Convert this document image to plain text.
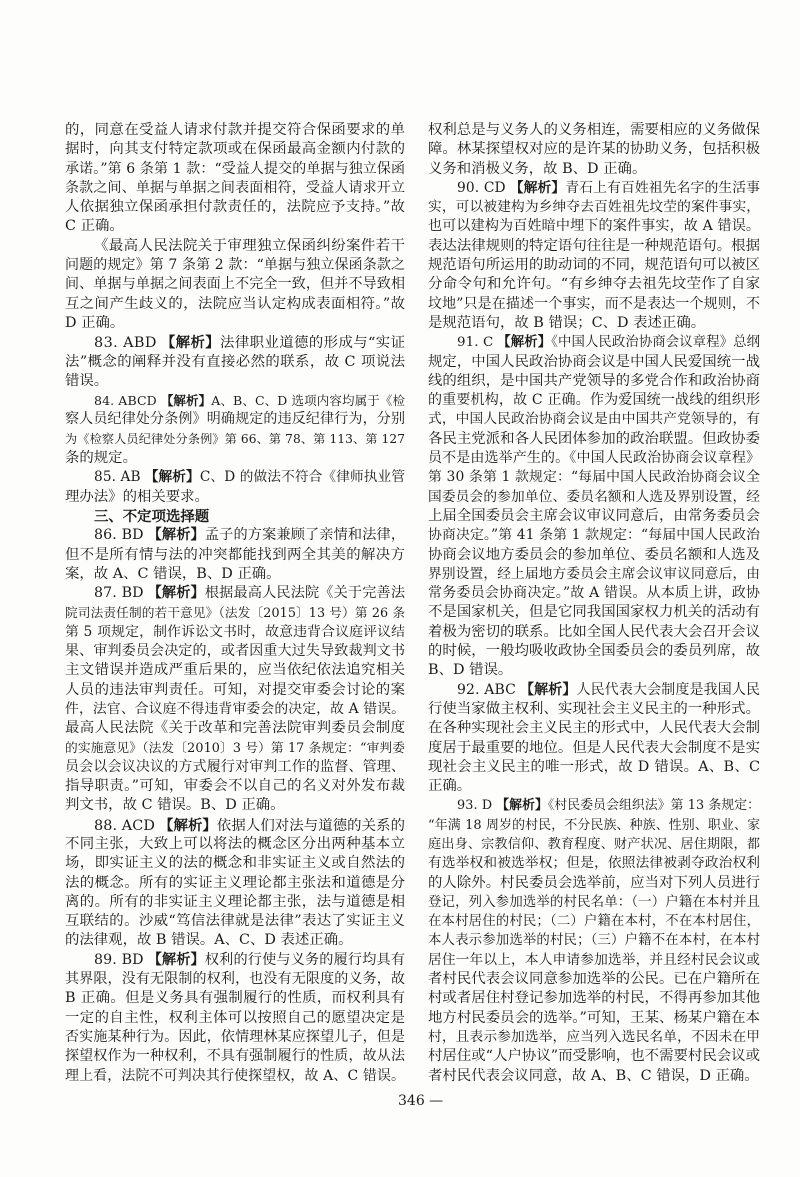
的，同意在受益人请求付款并提交符合保函要求的单
据时，向其支付特定款项或在保函最高金额内付款的
承诺。”第 6 条第 1 款：“受益人提交的单据与独立保函
条款之间、单据与单据之间表面相符，受益人请求开立
人依据独立保函承担付款责任的，法院应予支持。”故
C 正确。
《最高人民法院关于审理独立保函纠纷案件若干
问题的规定》第 7 条第 2 款：“单据与独立保函条款之
间、单据与单据之间表面上不完全一致，但并不导致相
互之间产生歧义的，法院应当认定构成表面相符。”故
D 正确。
83. ABD 【解析】法律职业道德的形成与“实证
法”概念的阐释并没有直接必然的联系，故 C 项说法
错误。
84. ABCD 【解析】A、B、C、D 选项内容均属于《检
察人员纪律处分条例》明确规定的违反纪律行为，分别
为《检察人员纪律处分条例》第 66、第 78、第 113、第 127
条的规定。
85. AB 【解析】C、D 的做法不符合《律师执业管
理办法》的相关要求。
三、不定项选择题
86. BD 【解析】孟子的方案兼顾了亲情和法律，
但不是所有情与法的冲突都能找到两全其美的解决方
案，故 A、C 错误，B、D 正确。
87. BD 【解析】根据最高人民法院《关于完善法
院司法责任制的若干意见》（法发〔2015〕13 号）第 26 条
第 5 项规定，制作诉讼文书时，故意违背合议庭评议结
果、审判委员会决定的，或者因重大过失导致裁判文书
主文错误并造成严重后果的，应当依纪依法追究相关
人员的违法审判责任。可知，对提交审委会讨论的案
件，法官、合议庭不得违背审委会的决定，故 A 错误。
最高人民法院《关于改革和完善法院审判委员会制度
的实施意见》（法发〔2010〕3 号）第 17 条规定：“审判委
员会以会议决议的方式履行对审判工作的监督、管理、
指导职责。”可知，审委会不以自己的名义对外发布裁
判文书，故 C 错误。B、D 正确。
88. ACD 【解析】依据人们对法与道德的关系的
不同主张，大致上可以将法的概念区分出两种基本立
场，即实证主义的法的概念和非实证主义或自然法的
法的概念。所有的实证主义理论都主张法和道德是分
离的。所有的非实证主义理论都主张，法与道德是相
互联结的。沙威“笃信法律就是法律”表达了实证主义
的法律观，故 B 错误。A、C、D 表述正确。
89. BD 【解析】权利的行使与义务的履行均具有
其界限，没有无限制的权利，也没有无限度的义务，故
B 正确。但是义务具有强制履行的性质，而权利具有
一定的自主性，权利主体可以按照自己的愿望决定是
否实施某种行为。因此，依情理林某应探望儿子，但是
探望权作为一种权利，不具有强制履行的性质，故从法
理上看，法院不可判决其行使探望权，故 A、C 错误。
权利总是与义务人的义务相连，需要相应的义务做保
障。林某探望权对应的是许某的协助义务，包括积极
义务和消极义务，故 B、D 正确。
90. CD 【解析】青石上有百姓祖先名字的生活事
实，可以被建构为乡绅夺去百姓祖先坟茔的案件事实，
也可以建构为百姓暗中埋下的案件事实，故 A 错误。
表达法律规则的特定语句往往是一种规范语句。根据
规范语句所运用的助动词的不同，规范语句可以被区
分命令句和允许句。“有乡绅夺去祖先坟茔作了自家
坟地”只是在描述一个事实，而不是表达一个规则，不
是规范语句，故 B 错误；C、D 表述正确。
91. C 【解析】《中国人民政治协商会议章程》总纲
规定，中国人民政治协商会议是中国人民爱国统一战
线的组织，是中国共产党领导的多党合作和政治协商
的重要机构，故 C 正确。作为爱国统一战线的组织形
式，中国人民政治协商会议是由中国共产党领导的，有
各民主党派和各人民团体参加的政治联盟。但政协委
员不是由选举产生的。《中国人民政治协商会议章程》
第 30 条第 1 款规定：“每届中国人民政治协商会议全
国委员会的参加单位、委员名额和人选及界别设置，经
上届全国委员会主席会议审议同意后，由常务委员会
协商决定。”第 41 条第 1 款规定：“每届中国人民政治
协商会议地方委员会的参加单位、委员名额和人选及
界别设置，经上届地方委员会主席会议审议同意后，由
常务委员会协商决定。”故 A 错误。从本质上讲，政协
不是国家机关，但是它同我国国家权力机关的活动有
着极为密切的联系。比如全国人民代表大会召开会议
的时候，一般均吸收政协全国委员会的委员列席，故
B、D 错误。
92. ABC 【解析】人民代表大会制度是我国人民
行使当家做主权利、实现社会主义民主的一种形式。
在各种实现社会主义民主的形式中，人民代表大会制
度居于最重要的地位。但是人民代表大会制度不是实
现社会主义民主的唯一形式，故 D 错误。A、B、C
正确。
93. D 【解析】《村民委员会组织法》第 13 条规定：
“年满 18 周岁的村民，不分民族、种族、性别、职业、家
庭出身、宗教信仰、教育程度、财产状况、居住期限，都
有选举权和被选举权；但是，依照法律被剥夺政治权利
的人除外。村民委员会选举前，应当对下列人员进行
登记，列入参加选举的村民名单：（一）户籍在本村并且
在本村居住的村民；（二）户籍在本村，不在本村居住，
本人表示参加选举的村民；（三）户籍不在本村，在本村
居住一年以上，本人申请参加选举，并且经村民会议或
者村民代表会议同意参加选举的公民。已在户籍所在
村或者居住村登记参加选举的村民，不得再参加其他
地方村民委员会的选举。”可知，王某、杨某户籍在本
村，且表示参加选举，应当列入选民名单，不因未在甲
村居住或“人户协议”而受影响，也不需要村民会议或
者村民代表会议同意，故 A、B、C 错误，D 正确。
346 —
